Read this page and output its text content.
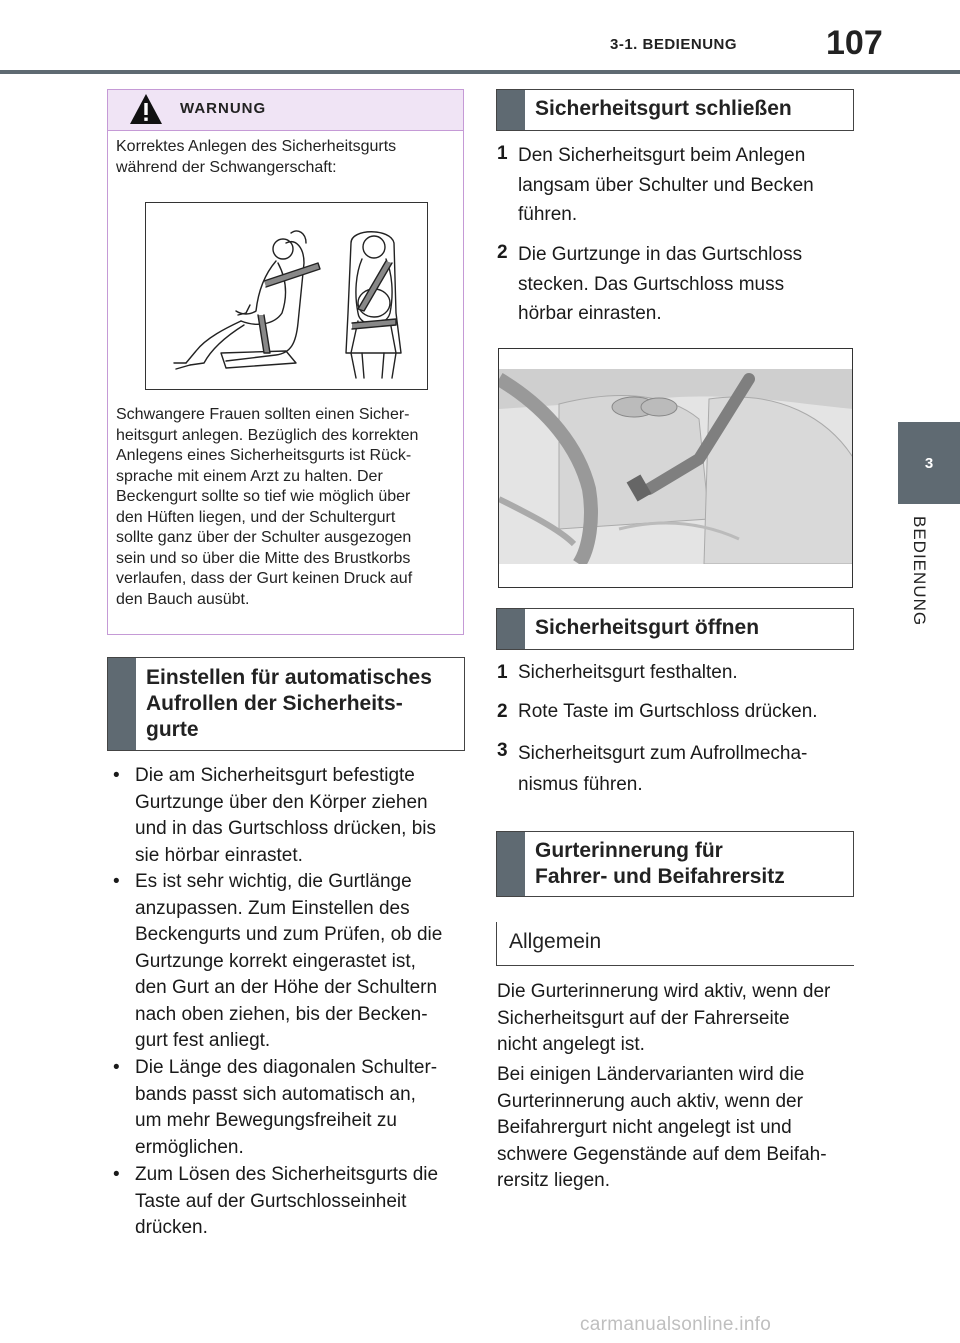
3-1. BEDIENUNG	107
3
BEDIENUNG
WARNUNG
Korrektes Anlegen des Sicherheitsgurts
während der Schwangerschaft:
Schwangere Frauen sollten einen Sicher-
heitsgurt anlegen. Bezüglich des korrekten
Anlegens eines Sicherheitsgurts ist Rück-
sprache mit einem Arzt zu halten. Der
Beckengurt sollte so tief wie möglich über
den Hüften liegen, und der Schultergurt
sollte ganz über der Schulter ausgezogen
sein und so über die Mitte des Brustkorbs
verlaufen, dass der Gurt keinen Druck auf
den Bauch ausübt.
Einstellen für automatisches
Aufrollen der Sicherheits-
gurte
• Die am Sicherheitsgurt befestigte
Gurtzunge über den Körper ziehen
und in das Gurtschloss drücken, bis
sie hörbar einrastet.
• Es ist sehr wichtig, die Gurtlänge
anzupassen. Zum Einstellen des
Beckengurts und zum Prüfen, ob die
Gurtzunge korrekt eingerastet ist,
den Gurt an der Höhe der Schultern
nach oben ziehen, bis der Becken-
gurt fest anliegt.
• Die Länge des diagonalen Schulter-
bands passt sich automatisch an,
um mehr Bewegungsfreiheit zu
ermöglichen.
• Zum Lösen des Sicherheitsgurts die
Taste auf der Gurtschlosseinheit
drücken.
Sicherheitsgurt schließen
1 Den Sicherheitsgurt beim Anlegen
langsam über Schulter und Becken
führen.
2 Die Gurtzunge in das Gurtschloss
stecken. Das Gurtschloss muss
hörbar einrasten.
Sicherheitsgurt öffnen
1 Sicherheitsgurt festhalten.
2 Rote Taste im Gurtschloss drücken.
3 Sicherheitsgurt zum Aufrollmecha-
nismus führen.
Gurterinnerung für
Fahrer- und Beifahrersitz
Allgemein
Die Gurterinnerung wird aktiv, wenn der
Sicherheitsgurt auf der Fahrerseite
nicht angelegt ist.
Bei einigen Ländervarianten wird die
Gurterinnerung auch aktiv, wenn der
Beifahrergurt nicht angelegt ist und
schwere Gegenstände auf dem Beifah-
rersitz liegen.
carmanualsonline.info
